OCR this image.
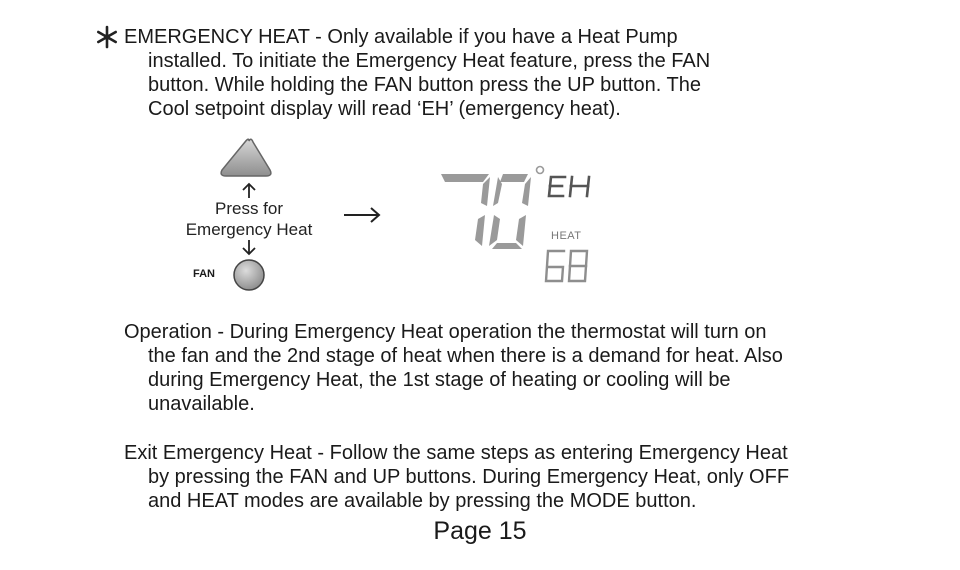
EMERGENCY HEAT - Only available if you have a Heat Pump
installed. To initiate the Emergency Heat feature, press the FAN
button. While holding the FAN button press the UP button. The
Cool setpoint display will read ‘EH’ (emergency heat).
Press for
Emergency Heat
FAN
HEAT
Operation - During Emergency Heat operation the thermostat will turn on
the fan and the 2nd stage of heat when there is a demand for heat. Also
during Emergency Heat, the 1st stage of heating or cooling will be
unavailable.
Exit Emergency Heat - Follow the same steps as entering Emergency Heat
by pressing the FAN and UP buttons. During Emergency Heat, only OFF
and HEAT modes are available by pressing the MODE button.
Page 15
